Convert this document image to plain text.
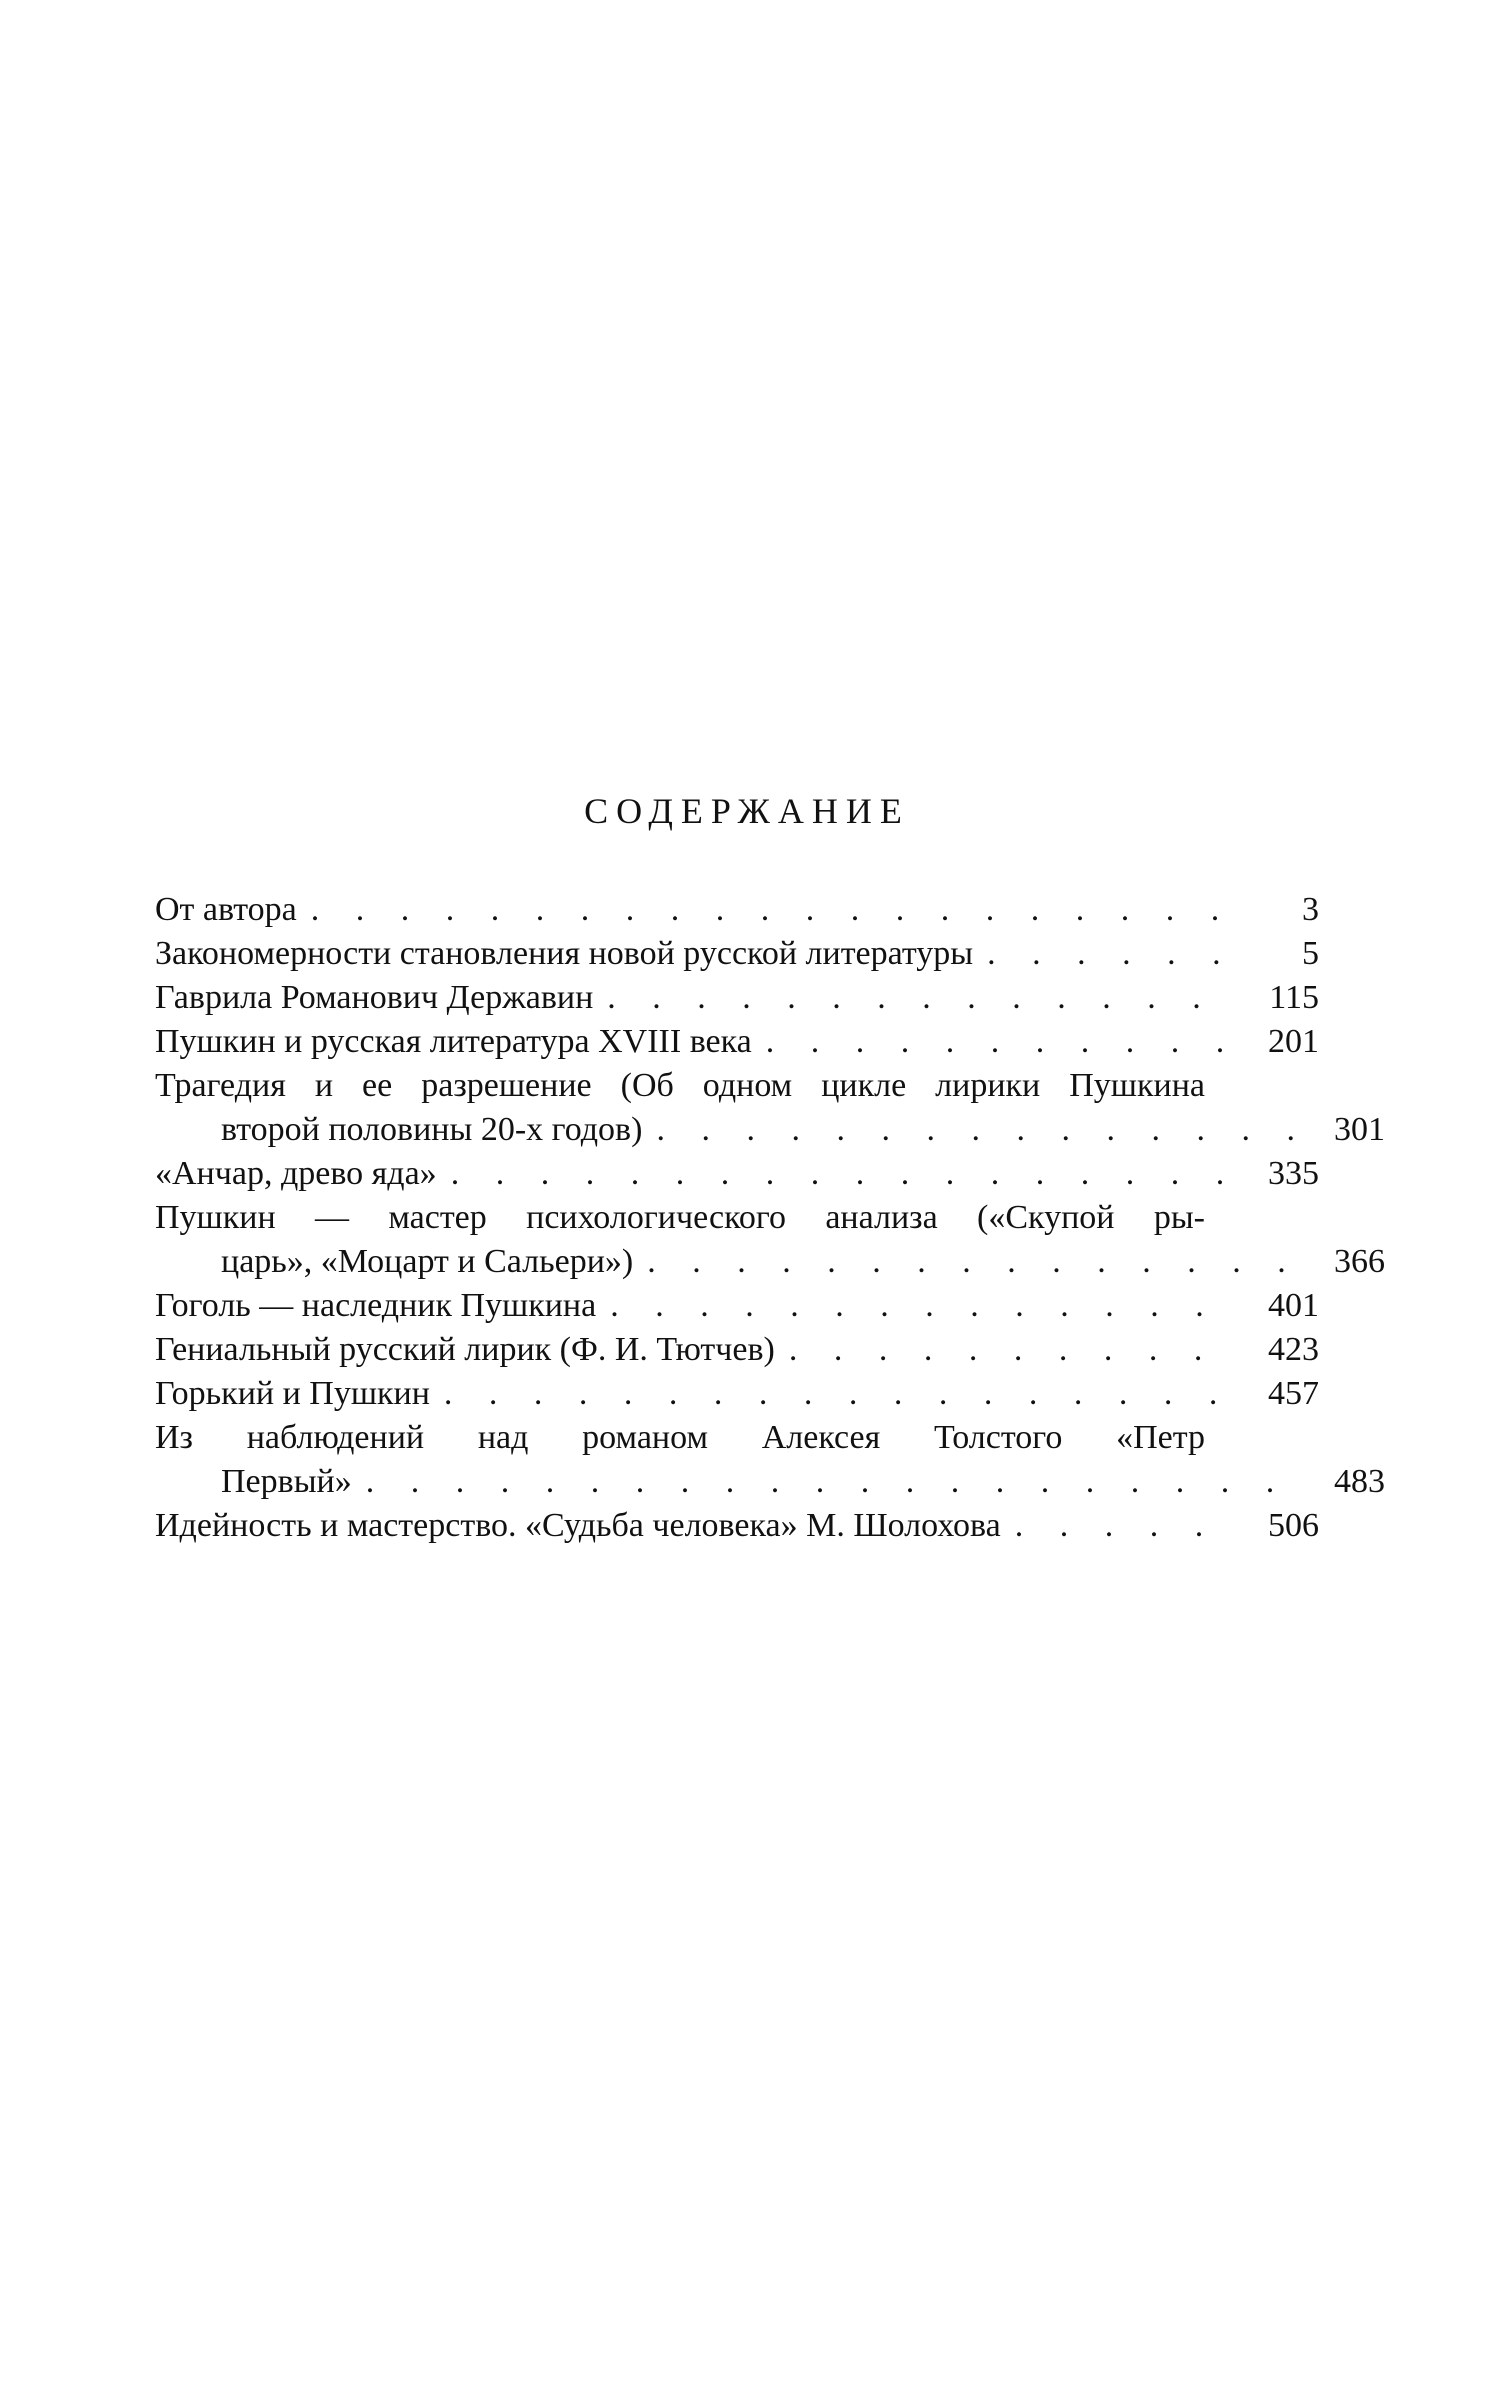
СОДЕРЖАНИЕ
От автора . . .	3
Закономерности становления новой русской литературы . . .	5
Гаврила Романович Державин . . .	115
Пушкин и русская литература XVIII века . . .	201
Трагедия и ее разрешение (Об одном цикле лирики Пушкина
второй половины 20-х годов) . . .	301
«Анчар, древо яда» . . .	335
Пушкин — мастер психологического анализа («Скупой ры-
царь», «Моцарт и Сальери») . . .	366
Гоголь — наследник Пушкина . . .	401
Гениальный русский лирик (Ф. И. Тютчев) . . .	423
Горький и Пушкин . . .	457
Из наблюдений над романом Алексея Толстого «Петр
Первый» . . .	483
Идейность и мастерство. «Судьба человека» М. Шолохова . . .	506
